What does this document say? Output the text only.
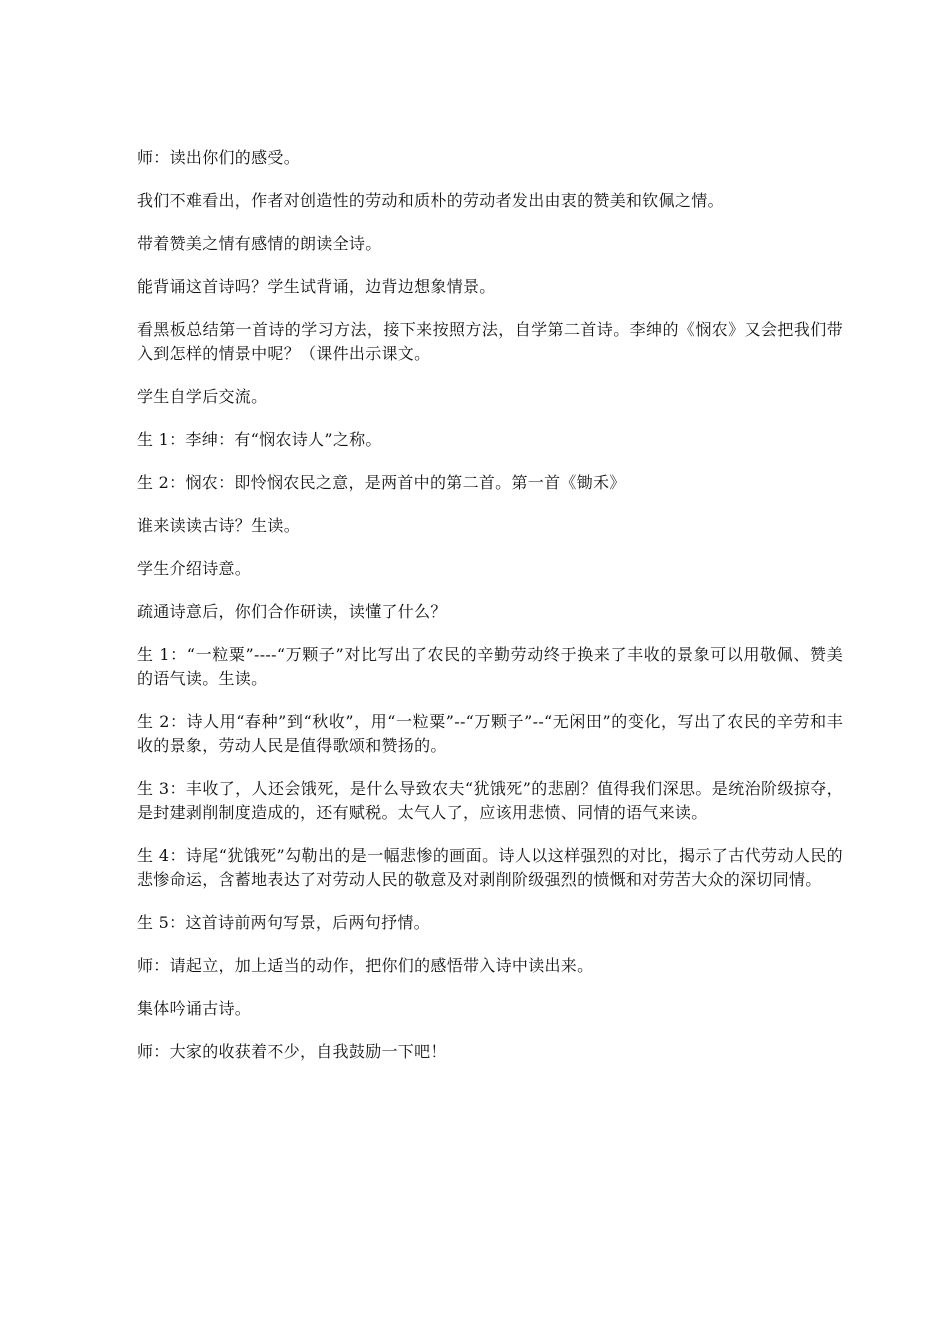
师：读出你们的感受。

我们不难看出，作者对创造性的劳动和质朴的劳动者发出由衷的赞美和钦佩之情。

带着赞美之情有感情的朗读全诗。

能背诵这首诗吗？学生试背诵，边背边想象情景。

看黑板总结第一首诗的学习方法，接下来按照方法，自学第二首诗。李绅的《悯农》又会把我们带入到怎样的情景中呢？（课件出示课文。

学生自学后交流。

生 1：李绅：有“悯农诗人”之称。

生 2：悯农：即怜悯农民之意，是两首中的第二首。第一首《锄禾》

谁来读读古诗？生读。

学生介绍诗意。

疏通诗意后，你们合作研读，读懂了什么？

生 1：“一粒粟”----“万颗子”对比写出了农民的辛勤劳动终于换来了丰收的景象可以用敬佩、赞美的语气读。生读。

生 2：诗人用“春种”到“秋收”，用“一粒粟”--“万颗子”--“无闲田”的变化，写出了农民的辛劳和丰收的景象，劳动人民是值得歌颂和赞扬的。

生 3：丰收了，人还会饿死，是什么导致农夫“犹饿死”的悲剧？值得我们深思。是统治阶级掠夺，是封建剥削制度造成的，还有赋税。太气人了，应该用悲愤、同情的语气来读。

生 4：诗尾“犹饿死”勾勒出的是一幅悲惨的画面。诗人以这样强烈的对比，揭示了古代劳动人民的悲惨命运，含蓄地表达了对劳动人民的敬意及对剥削阶级强烈的愤慨和对劳苦大众的深切同情。

生 5：这首诗前两句写景，后两句抒情。

师：请起立，加上适当的动作，把你们的感悟带入诗中读出来。

集体吟诵古诗。

师：大家的收获着不少，自我鼓励一下吧！
